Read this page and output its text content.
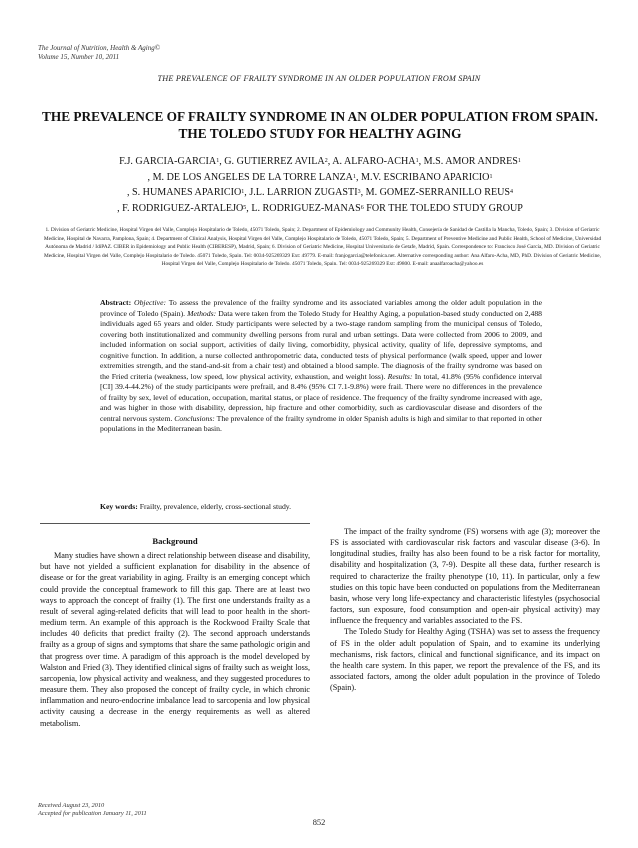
The Journal of Nutrition, Health & Aging©
Volume 15, Number 10, 2011
THE PREVALENCE OF FRAILTY SYNDROME IN AN OLDER POPULATION FROM SPAIN
THE PREVALENCE OF FRAILTY SYNDROME IN AN OLDER POPULATION FROM SPAIN. THE TOLEDO STUDY FOR HEALTHY AGING
F.J. GARCIA-GARCIA$^1$, G. GUTIERREZ AVILA$^2$, A. ALFARO-ACHA$^1$, M.S. AMOR ANDRES$^1$
, M. DE LOS ANGELES DE LA TORRE LANZA$^1$, M.V. ESCRIBANO APARICIO$^1$
, S. HUMANES APARICIO$^1$, J.L. LARRION ZUGASTI$^3$, M. GOMEZ-SERRANILLO REUS$^4$
, F. RODRIGUEZ-ARTALEJO$^5$, L. RODRIGUEZ-MANAS$^6$ FOR THE TOLEDO STUDY GROUP
1. Division of Geriatric Medicine, Hospital Virgen del Valle, Complejo Hospitalario de Toledo, 45071 Toledo, Spain; 2. Department of Epidemiology and Community Health, Consejería de Sanidad de Castilla la Mancha, Toledo, Spain; 3. Division of Geriatric Medicine, Hospital de Navarra, Pamplona, Spain; 4. Department of Clinical Analysis, Hospital Virgen del Valle, Complejo Hospitalario de Toledo, 45071 Toledo, Spain; 5. Department of Preventive Medicine and Public Health, School of Medicine, Universidad Autónoma de Madrid / IdiPAZ. CIBER in Epidemiology and Public Health (CIBERESP), Madrid, Spain; 6. Division of Geriatric Medicine, Hospital Universitario de Getafe, Madrid, Spain. Correspondence to: Francisco José García, MD. Division of Geriatric Medicine, Hospital Virgen del Valle, Complejo Hospitalario de Toledo. 45071 Toledo, Spain. Tel: 0034-925269329 Ext: 49779. E-mail: franjogarcia@telefonica.net. Alternative corresponding author: Ana Alfaro-Acha, MD, PhD. Division of Geriatric Medicine, Hospital Virgen del Valle, Complejo Hospitalario de Toledo. 45071 Toledo, Spain. Tel: 0034-925269329 Ext: 49800. E-mail: anaalfaroacha@yahoo.es
Abstract: Objective: To assess the prevalence of the frailty syndrome and its associated variables among the older adult population in the province of Toledo (Spain). Methods: Data were taken from the Toledo Study for Healthy Aging, a population-based study conducted on 2,488 individuals aged 65 years and older. Study participants were selected by a two-stage random sampling from the municipal census of Toledo, covering both institutionalized and community dwelling persons from rural and urban settings. Data were collected from 2006 to 2009, and included information on social support, activities of daily living, comorbidity, physical activity, quality of life, depressive symptoms, and cognitive function. In addition, a nurse collected anthropometric data, conducted tests of physical performance (walk speed, upper and lower extremities strength, and the stand-and-sit from a chair test) and obtained a blood sample. The diagnosis of the frailty syndrome was based on the Fried criteria (weakness, low speed, low physical activity, exhaustion, and weight loss). Results: In total, 41.8% (95% confidence interval [CI] 39.4-44.2%) of the study participants were prefrail, and 8.4% (95% CI 7.1-9.8%) were frail. There were no differences in the prevalence of frailty by sex, level of education, occupation, marital status, or place of residence. The frequency of the frailty syndrome increased with age, and was higher in those with disability, depression, hip fracture and other comorbidity, such as cardiovascular disease and disorders of the central nervous system. Conclusions: The prevalence of the frailty syndrome in older Spanish adults is high and similar to that reported in other populations in the Mediterranean basin.
Key words: Frailty, prevalence, elderly, cross-sectional study.

Background

Many studies have shown a direct relationship between disease and disability, but have not yielded a sufficient explanation for disability in the absence of disease or for the great variability in aging. Frailty is an emerging concept which could provide the conceptual framework to fill this gap. There are at least two ways to approach the concept of frailty (1). The first one understands frailty as a result of several aging-related deficits that will lead to poor health in the short-medium term. An example of this approach is the Rockwood Frailty Scale that includes 40 deficits that predict frailty (2). The second approach understands frailty as a group of signs and symptoms that share the same pathologic origin and that progress over time. A paradigm of this approach is the model developed by Walston and Fried (3). They identified clinical signs of frailty such as weight loss, sarcopenia, low physical activity and weakness, and they suggested procedures to measure them. They also proposed the concept of frailty cycle, in which chronic inflammation and neuro-endocrine imbalance lead to sarcopenia and low physical activity causing a decrease in the energy requirements as well as altered metabolism.

The impact of the frailty syndrome (FS) worsens with age (3); moreover the FS is associated with cardiovascular risk factors and vascular disease (3-6). In longitudinal studies, frailty has also been found to be a risk factor for mortality, disability and hospitalization (3, 7-9). Despite all these data, further research is required to characterize the frailty phenotype (10, 11). In particular, only a few studies on this topic have been conducted on populations from the Mediterranean basin, whose very long life-expectancy and characteristic lifestyles (psychosocial factors, sun exposure, food consumption and open-air physical activity) may influence the frequency and variables associated to the FS.

The Toledo Study for Healthy Aging (TSHA) was set to assess the frequency of FS in the older adult population of Spain, and to examine its underlying mechanisms, risk factors, clinical and functional significance, and its impact on the health care system. In this paper, we report the prevalence of the FS, and its associated factors, among the older adult population in the province of Toledo (Spain).

Received August 23, 2010
Accepted for publication January 11, 2011
852
